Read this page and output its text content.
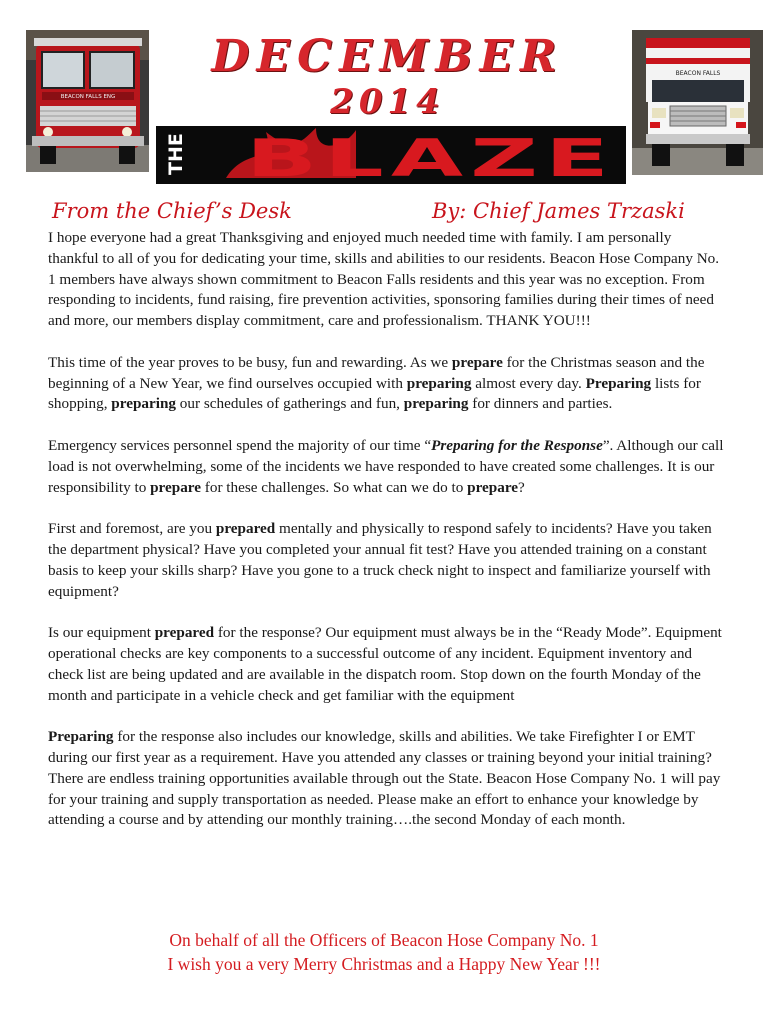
BEACON FALLS ENG
DECEMBER
2014
THE BLAZE
BEACON FALLS
From the Chief’s Desk	By: Chief James Trzaski

I hope everyone had a great Thanksgiving and enjoyed much needed time with family. I am personally thankful to all of you for dedicating your time, skills and abilities to our residents. Beacon Hose Company No. 1 members have always shown commitment to Beacon Falls residents and this year was no exception. From responding to incidents, fund raising, fire prevention activities, sponsoring families during their times of need and more, our members display commitment, care and professionalism. THANK YOU!!!

This time of the year proves to be busy, fun and rewarding. As we prepare for the Christmas season and the beginning of a New Year, we find ourselves occupied with preparing almost every day. Preparing lists for shopping, preparing our schedules of gatherings and fun, preparing for dinners and parties.

Emergency services personnel spend the majority of our time “Preparing for the Response”. Although our call load is not overwhelming, some of the incidents we have responded to have created some challenges. It is our responsibility to prepare for these challenges. So what can we do to prepare?

First and foremost, are you prepared mentally and physically to respond safely to incidents? Have you taken the department physical? Have you completed your annual fit test? Have you attended training on a constant basis to keep your skills sharp? Have you gone to a truck check night to inspect and familiarize yourself with equipment?

Is our equipment prepared for the response? Our equipment must always be in the “Ready Mode”. Equipment operational checks are key components to a successful outcome of any incident. Equipment inventory and check list are being updated and are available in the dispatch room. Stop down on the fourth Monday of the month and participate in a vehicle check and get familiar with the equipment

Preparing for the response also includes our knowledge, skills and abilities. We take Firefighter I or EMT during our first year as a requirement. Have you attended any classes or training beyond your initial training? There are endless training opportunities available through out the State. Beacon Hose Company No. 1 will pay for your training and supply transportation as needed. Please make an effort to enhance your knowledge by attending a course and by attending our monthly training….the second Monday of each month.

On behalf of all the Officers of Beacon Hose Company No. 1
I wish you a very Merry Christmas and a Happy New Year !!!
